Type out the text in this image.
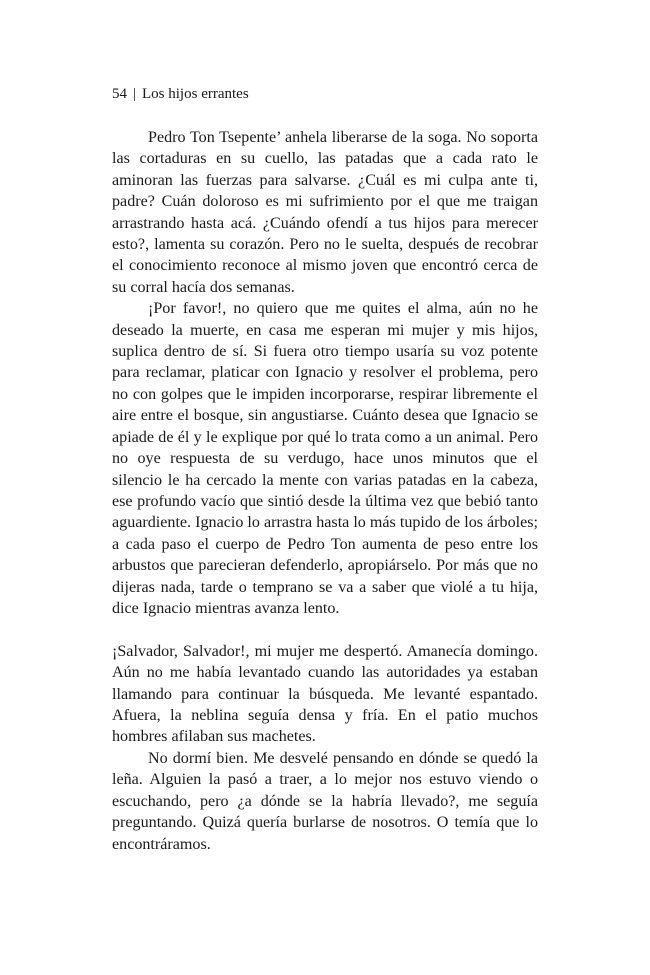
54 | Los hijos errantes

Pedro Ton Tsepente’ anhela liberarse de la soga. No soporta las cortaduras en su cuello, las patadas que a cada rato le aminoran las fuerzas para salvarse. ¿Cuál es mi culpa ante ti, padre? Cuán doloroso es mi sufrimiento por el que me traigan arrastrando hasta acá. ¿Cuándo ofendí a tus hijos para merecer esto?, lamenta su corazón. Pero no le suelta, después de recobrar el conocimiento reconoce al mismo joven que encontró cerca de su corral hacía dos semanas.

¡Por favor!, no quiero que me quites el alma, aún no he deseado la muerte, en casa me esperan mi mujer y mis hijos, suplica dentro de sí. Si fuera otro tiempo usaría su voz potente para reclamar, platicar con Ignacio y resolver el problema, pero no con golpes que le impiden incorporarse, respirar libremente el aire entre el bosque, sin angustiarse. Cuánto desea que Ignacio se apiade de él y le explique por qué lo trata como a un animal. Pero no oye respuesta de su verdugo, hace unos minutos que el silencio le ha cercado la mente con varias patadas en la cabeza, ese profundo vacío que sintió desde la última vez que bebió tanto aguardiente. Ignacio lo arrastra hasta lo más tupido de los árboles; a cada paso el cuerpo de Pedro Ton aumenta de peso entre los arbustos que parecieran defenderlo, apropiárselo. Por más que no dijeras nada, tarde o temprano se va a saber que violé a tu hija, dice Ignacio mientras avanza lento.

¡Salvador, Salvador!, mi mujer me despertó. Amanecía domingo. Aún no me había levantado cuando las autoridades ya estaban llamando para continuar la búsqueda. Me levanté espantado. Afuera, la neblina seguía densa y fría. En el patio muchos hombres afilaban sus machetes.

No dormí bien. Me desvelé pensando en dónde se quedó la leña. Alguien la pasó a traer, a lo mejor nos estuvo viendo o escuchando, pero ¿a dónde se la habría llevado?, me seguía preguntando. Quizá quería burlarse de nosotros. O temía que lo encontráramos.
